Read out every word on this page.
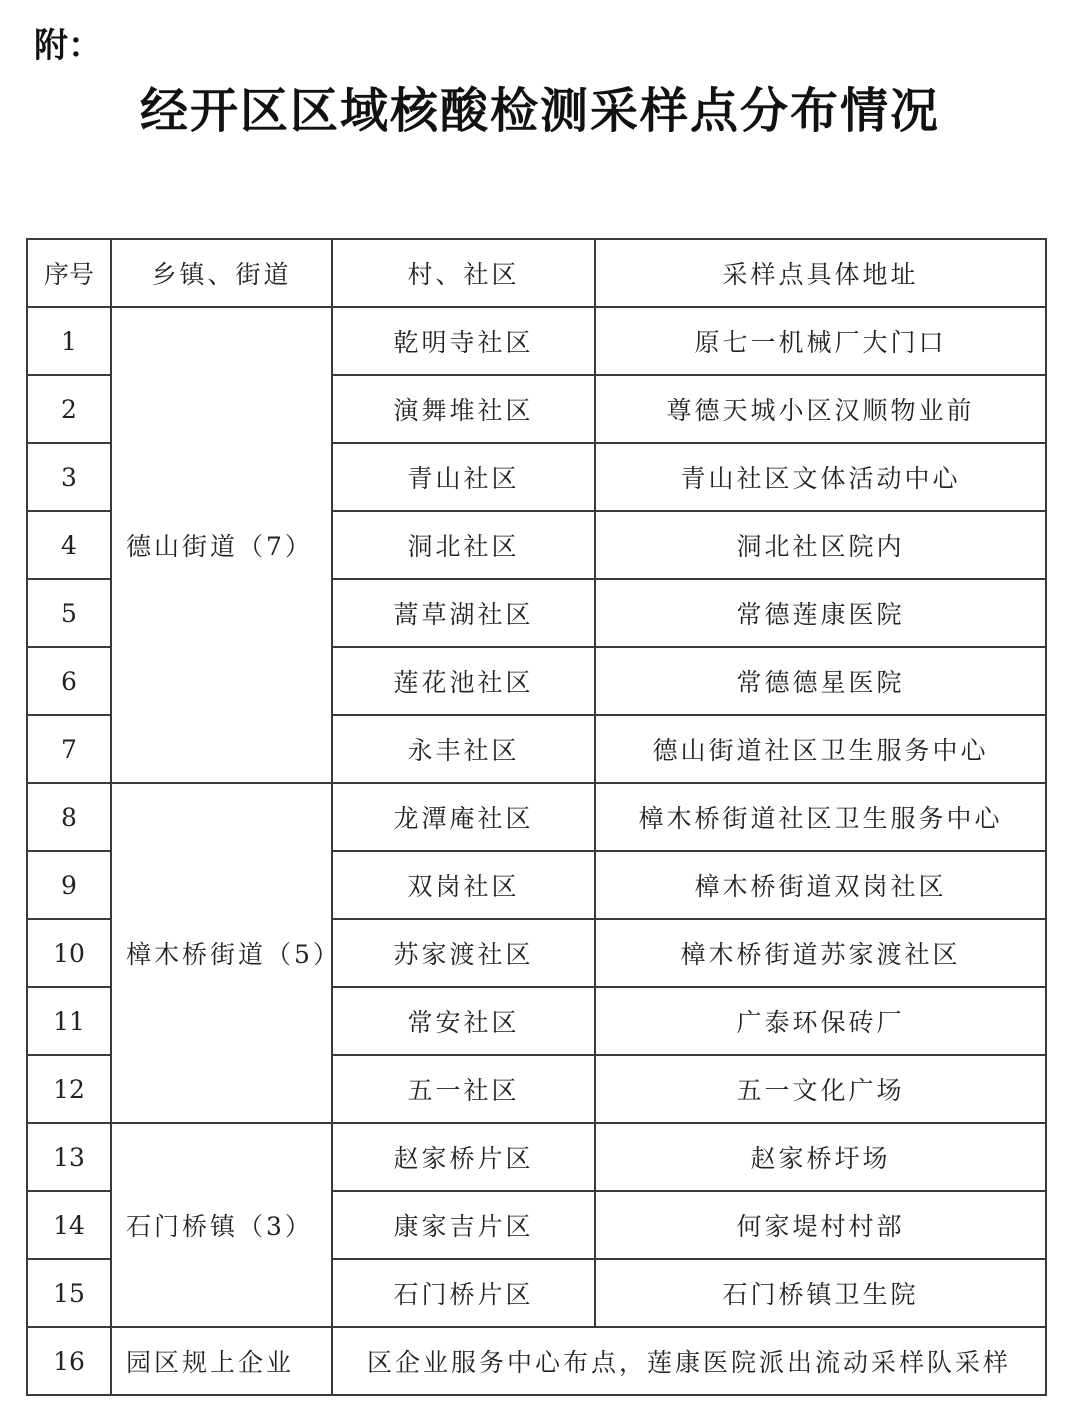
附：
经开区区域核酸检测采样点分布情况
序号	乡镇、街道	村、社区	采样点具体地址
1	德山街道（7）	乾明寺社区	原七一机械厂大门口
2		演舞堆社区	尊德天城小区汉顺物业前
3		青山社区	青山社区文体活动中心
4		洞北社区	洞北社区院内
5		蒿草湖社区	常德莲康医院
6		莲花池社区	常德德星医院
7		永丰社区	德山街道社区卫生服务中心
8	樟木桥街道（5）	龙潭庵社区	樟木桥街道社区卫生服务中心
9		双岗社区	樟木桥街道双岗社区
10		苏家渡社区	樟木桥街道苏家渡社区
11		常安社区	广泰环保砖厂
12		五一社区	五一文化广场
13	石门桥镇（3）	赵家桥片区	赵家桥圩场
14		康家吉片区	何家堤村村部
15		石门桥片区	石门桥镇卫生院
16	园区规上企业	区企业服务中心布点，莲康医院派出流动采样队采样	
